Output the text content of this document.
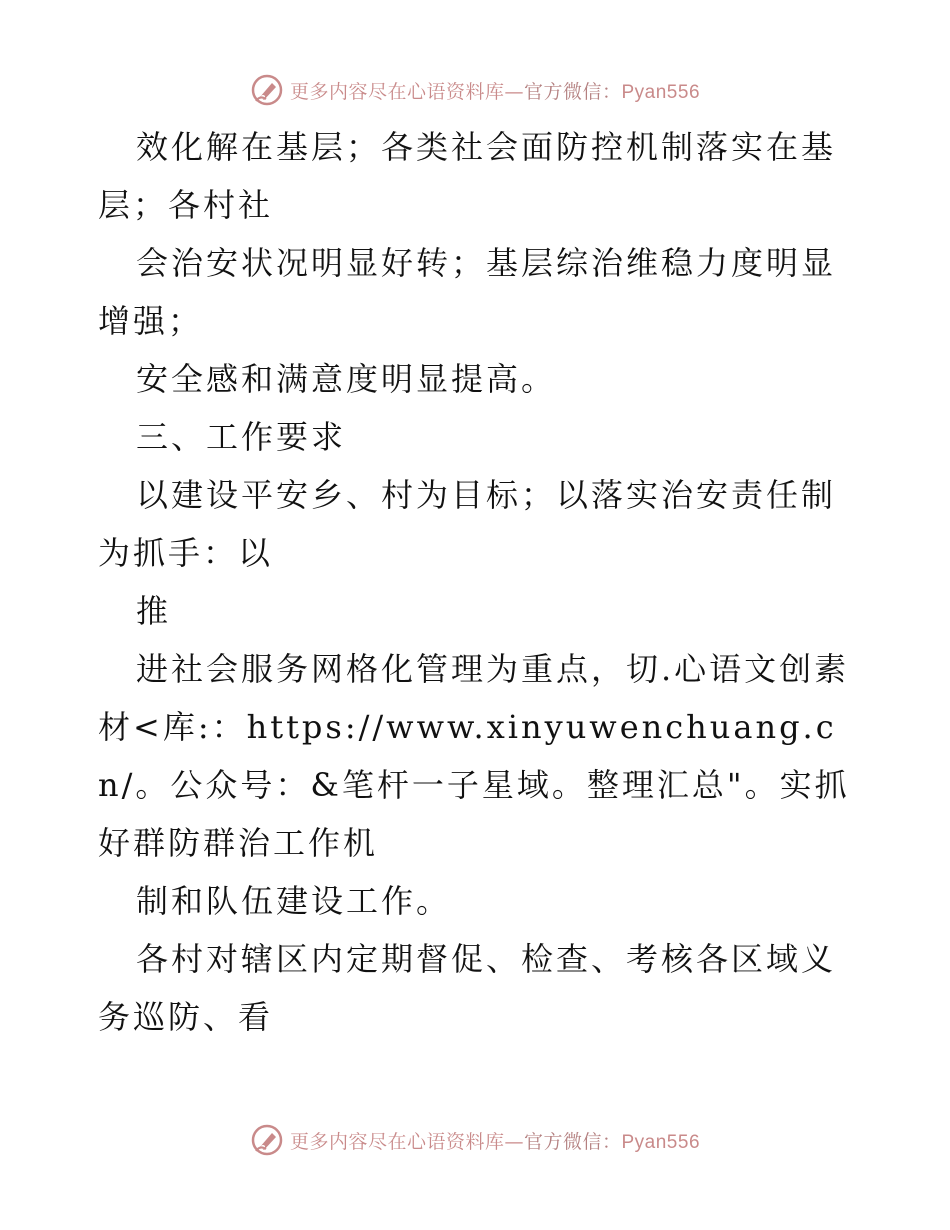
更多内容尽在心语资料库—官方微信：Pyan556

效化解在基层；各类社会面防控机制落实在基层；各村社

会治安状况明显好转；基层综治维稳力度明显增强；

安全感和满意度明显提高。

三、工作要求

以建设平安乡、村为目标；以落实治安责任制为抓手：以

推

进社会服务网格化管理为重点，切.心语文创素材<库:：https://www.xinyuwenchuang.cn/。公众号：&笔杆一子星域。整理汇总"。实抓好群防群治工作机

制和队伍建设工作。

各村对辖区内定期督促、检查、考核各区域义务巡防、看

更多内容尽在心语资料库—官方微信：Pyan556
